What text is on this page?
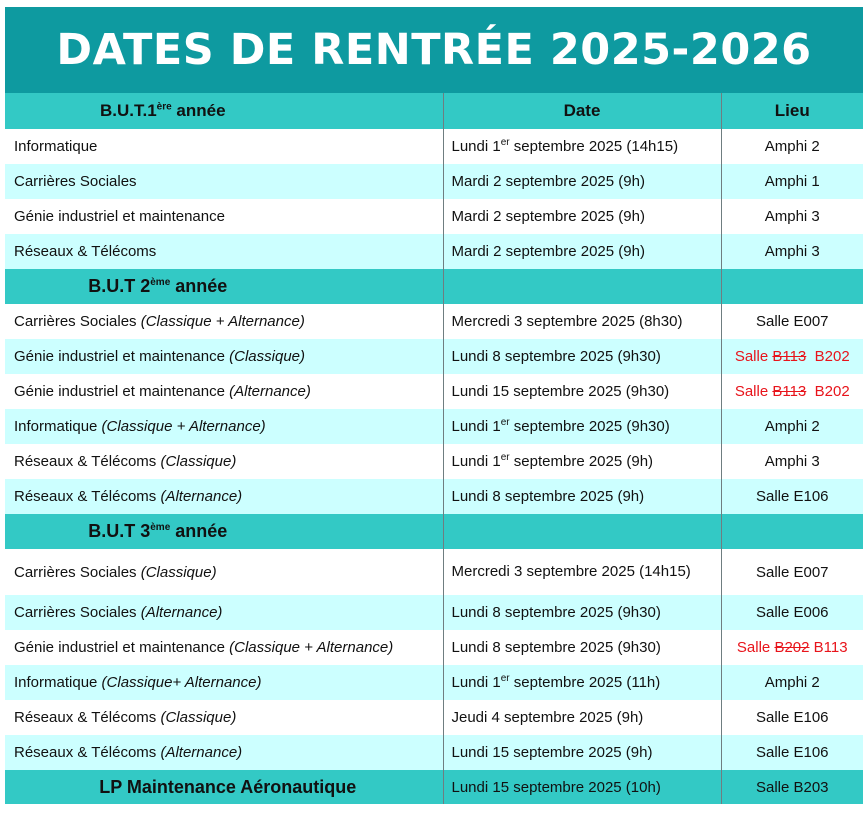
DATES DE RENTRÉE 2025-2026
B.U.T.1ère année	Date	Lieu
Informatique	Lundi 1er septembre 2025 (14h15)	Amphi 2
Carrières Sociales	Mardi 2 septembre 2025 (9h)	Amphi 1
Génie industriel et maintenance	Mardi 2 septembre 2025 (9h)	Amphi 3
Réseaux & Télécoms	Mardi 2 septembre 2025 (9h)	Amphi 3
B.U.T 2ème année		
Carrières Sociales (Classique + Alternance)	Mercredi 3 septembre 2025 (8h30)	Salle E007
Génie industriel et maintenance (Classique)	Lundi 8 septembre 2025 (9h30)	Salle B113 B202
Génie industriel et maintenance (Alternance)	Lundi 15 septembre 2025 (9h30)	Salle B113 B202
Informatique (Classique + Alternance)	Lundi 1er septembre 2025 (9h30)	Amphi 2
Réseaux & Télécoms (Classique)	Lundi 1er septembre 2025 (9h)	Amphi 3
Réseaux & Télécoms (Alternance)	Lundi 8 septembre 2025 (9h)	Salle E106
B.U.T 3ème année		
Carrières Sociales (Classique)	Mercredi 3 septembre 2025 (14h15)	Salle E007
Carrières Sociales (Alternance)	Lundi 8 septembre 2025 (9h30)	Salle E006
Génie industriel et maintenance (Classique + Alternance)	Lundi 8 septembre 2025 (9h30)	Salle B202 B113
Informatique (Classique+ Alternance)	Lundi 1er septembre 2025 (11h)	Amphi 2
Réseaux & Télécoms (Classique)	Jeudi 4 septembre 2025 (9h)	Salle E106
Réseaux & Télécoms (Alternance)	Lundi 15 septembre 2025 (9h)	Salle E106
LP Maintenance Aéronautique	Lundi 15 septembre 2025 (10h)	Salle B203
